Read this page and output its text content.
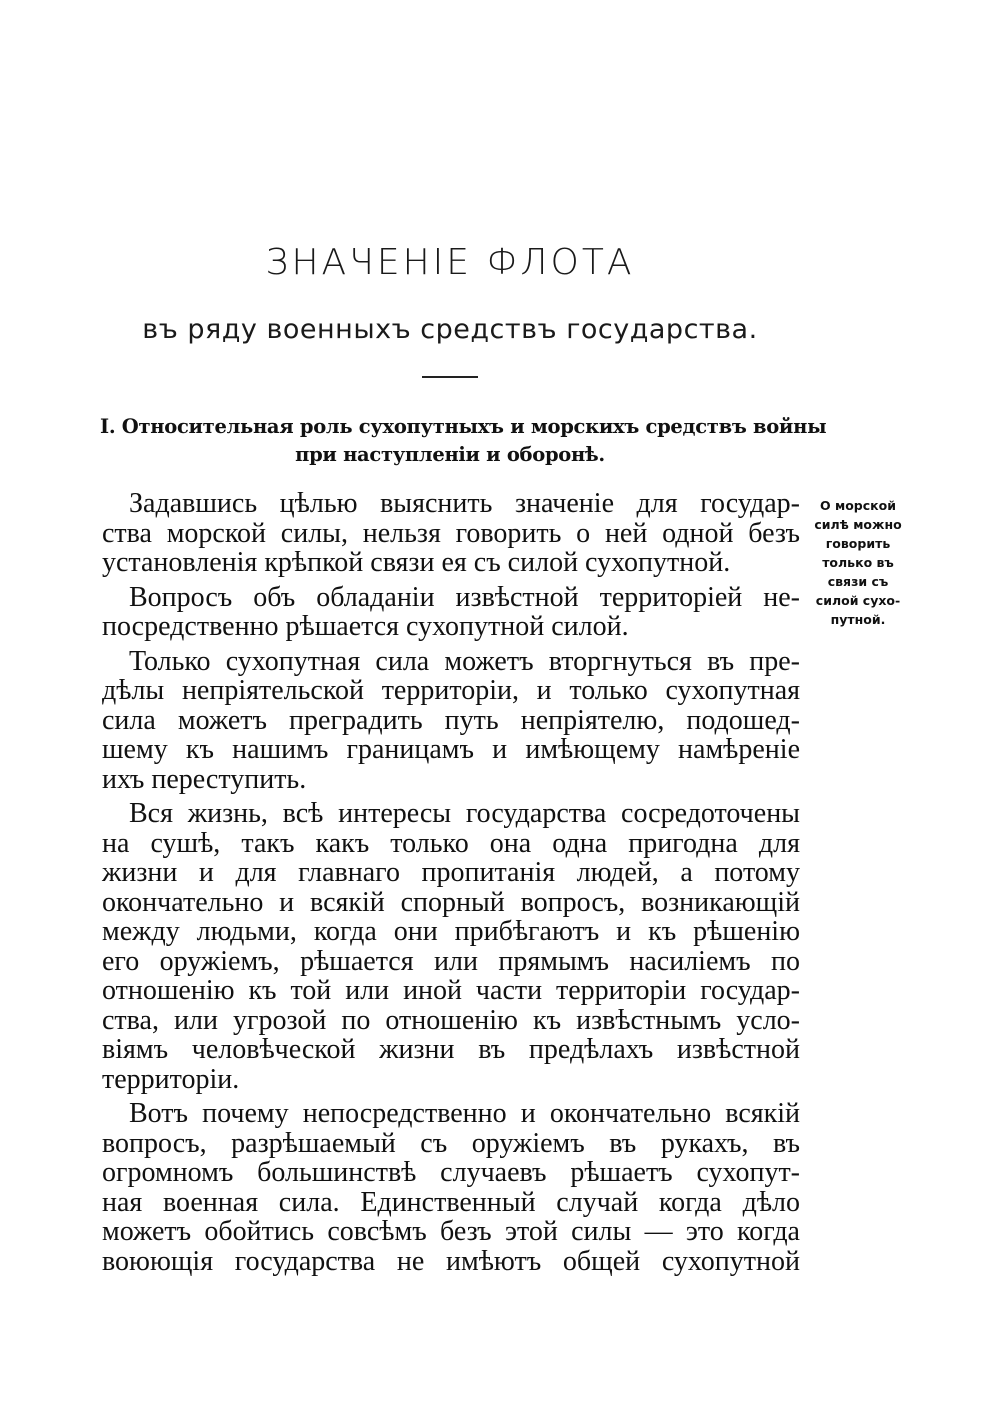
ЗНАЧЕНІЕ ФЛОТА
въ ряду военныхъ средствъ государства.
I. Относительная роль сухопутныхъ и морскихъ средствъ войны
при наступленіи и оборонѣ.
О морской
силѣ можно
говорить
только въ
связи съ
силой сухо-
путной.
Задавшись цѣлью выяснить значеніе для государ-
ства морской силы, нельзя говорить о ней одной безъ
установленія крѣпкой связи ея съ силой сухопутной.
Вопросъ объ обладаніи извѣстной территоріей не-
посредственно рѣшается сухопутной силой.
Только сухопутная сила можетъ вторгнуться въ пре-
дѣлы непріятельской территоріи, и только сухопутная
сила можетъ преградить путь непріятелю, подошед-
шему къ нашимъ границамъ и имѣющему намѣреніе
ихъ переступить.
Вся жизнь, всѣ интересы государства сосредоточены
на сушѣ, такъ какъ только она одна пригодна для
жизни и для главнаго пропитанія людей, а потому
окончательно и всякій спорный вопросъ, возникающій
между людьми, когда они прибѣгаютъ и къ рѣшенію
его оружіемъ, рѣшается или прямымъ насиліемъ по
отношенію къ той или иной части территоріи государ-
ства, или угрозой по отношенію къ извѣстнымъ усло-
віямъ человѣческой жизни въ предѣлахъ извѣстной
территоріи.
Вотъ почему непосредственно и окончательно всякій
вопросъ, разрѣшаемый съ оружіемъ въ рукахъ, въ
огромномъ большинствѣ случаевъ рѣшаетъ сухопут-
ная военная сила. Единственный случай когда дѣло
можетъ обойтись совсѣмъ безъ этой силы — это когда
воюющія государства не имѣютъ общей сухопутной
